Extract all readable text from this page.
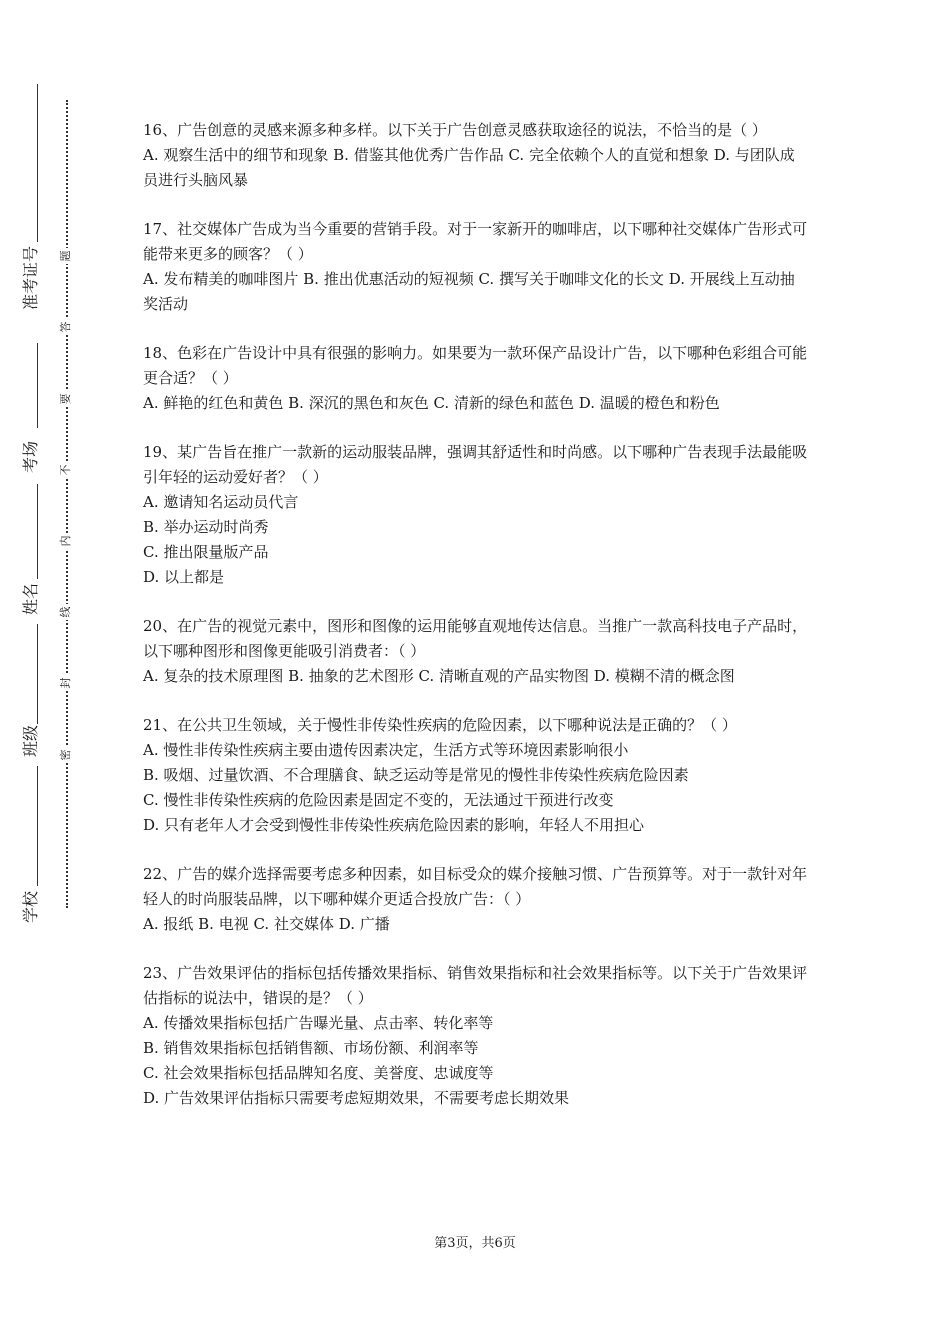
学校
班级
姓名
考场
准考证号
密
封
线
内
不
要
答
题

16、广告创意的灵感来源多种多样。以下关于广告创意灵感获取途径的说法，不恰当的是（ ）

A. 观察生活中的细节和现象 B. 借鉴其他优秀广告作品 C. 完全依赖个人的直觉和想象 D. 与团队成员进行头脑风暴

17、社交媒体广告成为当今重要的营销手段。对于一家新开的咖啡店，以下哪种社交媒体广告形式可能带来更多的顾客？（ ）

A. 发布精美的咖啡图片 B. 推出优惠活动的短视频 C. 撰写关于咖啡文化的长文 D. 开展线上互动抽奖活动

18、色彩在广告设计中具有很强的影响力。如果要为一款环保产品设计广告，以下哪种色彩组合可能更合适？（ ）

A. 鲜艳的红色和黄色 B. 深沉的黑色和灰色 C. 清新的绿色和蓝色 D. 温暖的橙色和粉色

19、某广告旨在推广一款新的运动服装品牌，强调其舒适性和时尚感。以下哪种广告表现手法最能吸引年轻的运动爱好者？（ ）

A. 邀请知名运动员代言

B. 举办运动时尚秀

C. 推出限量版产品

D. 以上都是

20、在广告的视觉元素中，图形和图像的运用能够直观地传达信息。当推广一款高科技电子产品时，以下哪种图形和图像更能吸引消费者：（ ）

A. 复杂的技术原理图 B. 抽象的艺术图形 C. 清晰直观的产品实物图 D. 模糊不清的概念图

21、在公共卫生领域，关于慢性非传染性疾病的危险因素，以下哪种说法是正确的？（ ）

A. 慢性非传染性疾病主要由遗传因素决定，生活方式等环境因素影响很小

B. 吸烟、过量饮酒、不合理膳食、缺乏运动等是常见的慢性非传染性疾病危险因素

C. 慢性非传染性疾病的危险因素是固定不变的，无法通过干预进行改变

D. 只有老年人才会受到慢性非传染性疾病危险因素的影响，年轻人不用担心

22、广告的媒介选择需要考虑多种因素，如目标受众的媒介接触习惯、广告预算等。对于一款针对年轻人的时尚服装品牌，以下哪种媒介更适合投放广告：（ ）

A. 报纸 B. 电视 C. 社交媒体 D. 广播

23、广告效果评估的指标包括传播效果指标、销售效果指标和社会效果指标等。以下关于广告效果评估指标的说法中，错误的是？（ ）

A. 传播效果指标包括广告曝光量、点击率、转化率等

B. 销售效果指标包括销售额、市场份额、利润率等

C. 社会效果指标包括品牌知名度、美誉度、忠诚度等

D. 广告效果评估指标只需要考虑短期效果，不需要考虑长期效果

第3页，共6页
